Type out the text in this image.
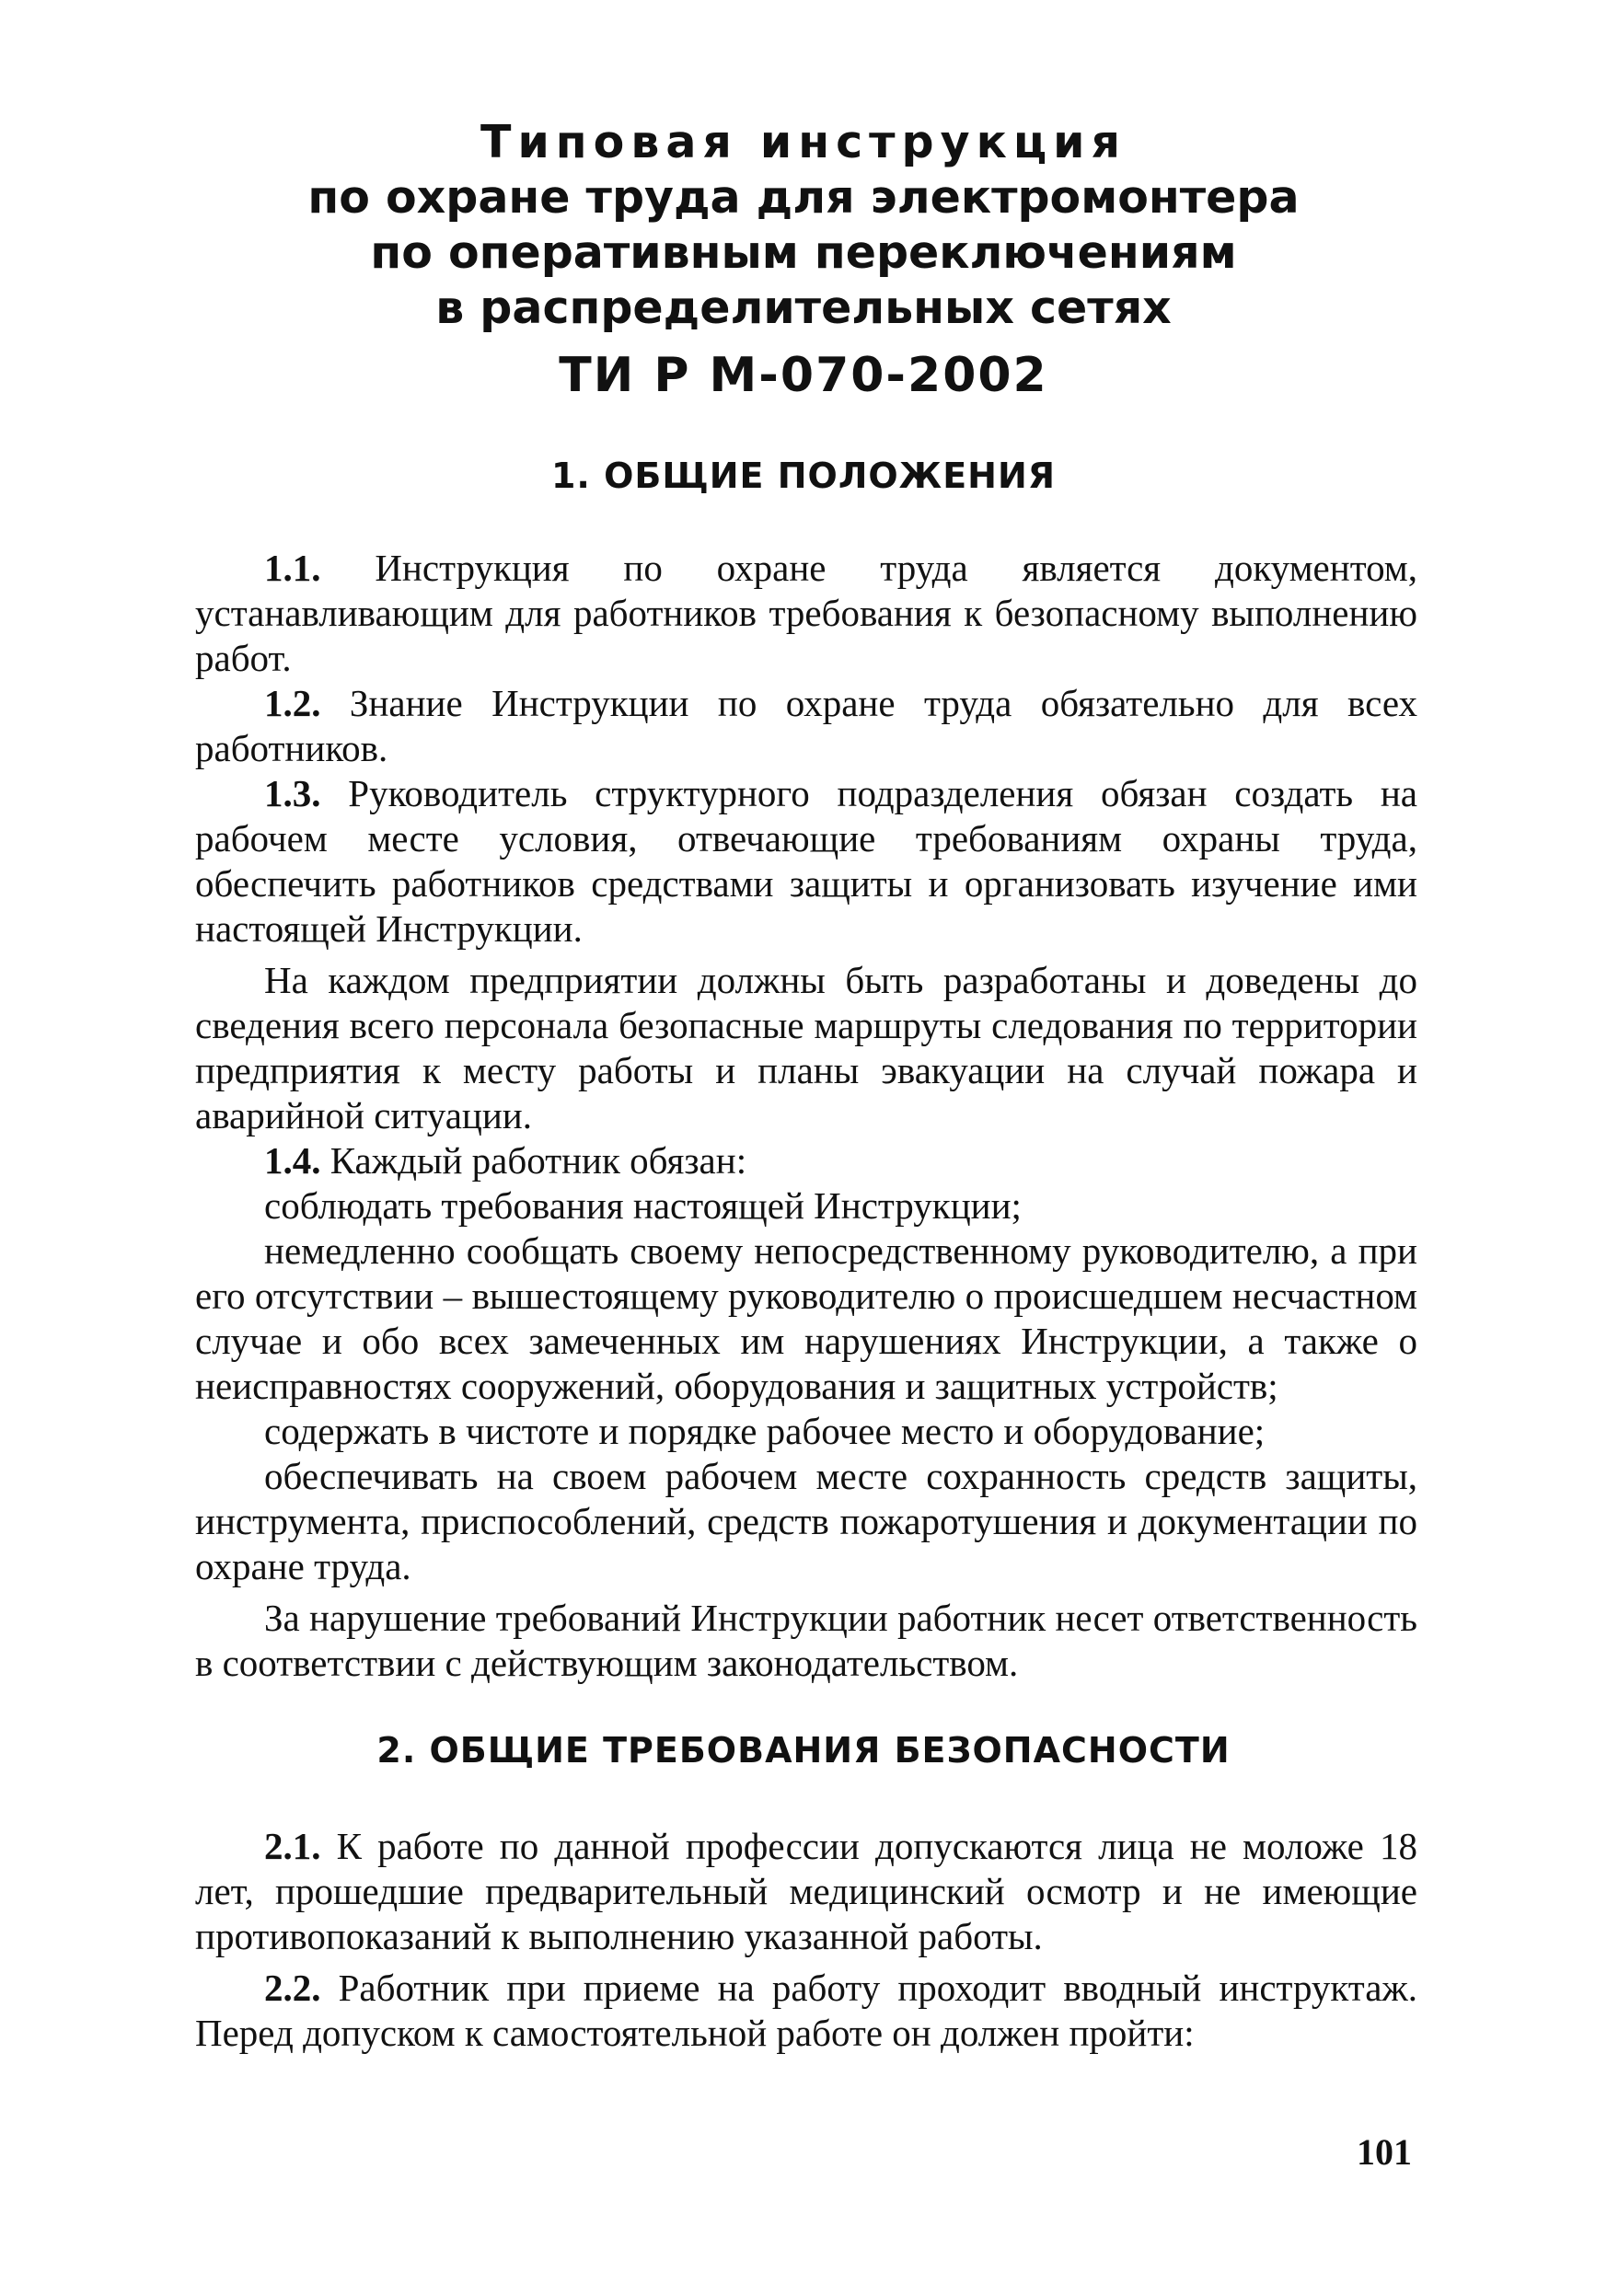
Типовая инструкция
по охране труда для электромонтера
по оперативным переключениям
в распределительных сетях
ТИ Р М-070-2002
1. ОБЩИЕ ПОЛОЖЕНИЯ

1.1. Инструкция по охране труда является документом, устанавливающим для работников требования к безопасному выполнению работ.

1.2. Знание Инструкции по охране труда обязательно для всех работников.

1.3. Руководитель структурного подразделения обязан создать на рабочем месте условия, отвечающие требованиям охраны труда, обеспечить работников средствами защиты и организовать изучение ими настоящей Инструкции.

На каждом предприятии должны быть разработаны и доведены до сведения всего персонала безопасные маршруты следования по территории предприятия к месту работы и планы эвакуации на случай пожара и аварийной ситуации.

1.4. Каждый работник обязан:

соблюдать требования настоящей Инструкции;

немедленно сообщать своему непосредственному руководителю, а при его отсутствии – вышестоящему руководителю о происшедшем несчастном случае и обо всех замеченных им нарушениях Инструкции, а также о неисправностях сооружений, оборудования и защитных устройств;

содержать в чистоте и порядке рабочее место и оборудование;

обеспечивать на своем рабочем месте сохранность средств защиты, инструмента, приспособлений, средств пожаротушения и документации по охране труда.

За нарушение требований Инструкции работник несет ответственность в соответствии с действующим законодательством.

2. ОБЩИЕ ТРЕБОВАНИЯ БЕЗОПАСНОСТИ

2.1. К работе по данной профессии допускаются лица не моложе 18 лет, прошедшие предварительный медицинский осмотр и не имеющие противопоказаний к выполнению указанной работы.

2.2. Работник при приеме на работу проходит вводный инструктаж. Перед допуском к самостоятельной работе он должен пройти:

101
